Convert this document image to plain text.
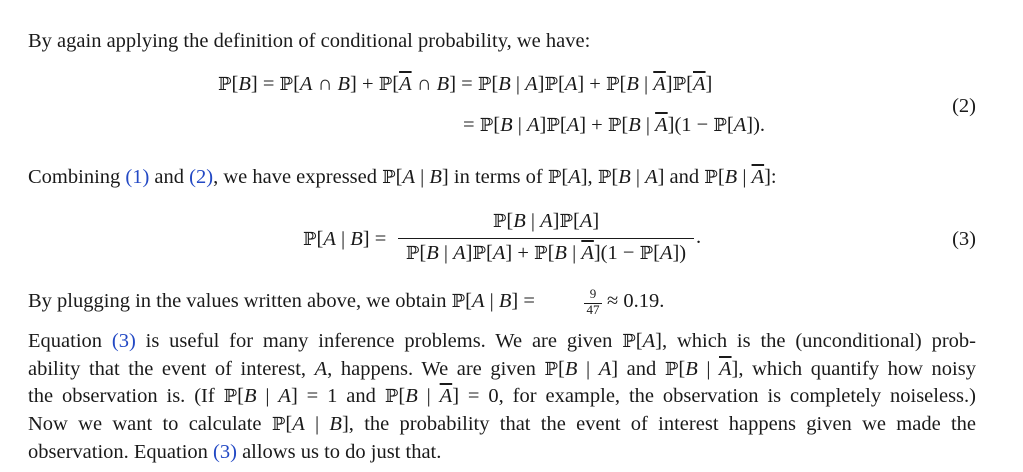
By again applying the definition of conditional probability, we have:
ℙ[B] = ℙ[A ∩ $B] + ℙ[\overline{A}$ ∩ B] = ℙ[B | A]ℙ[A] + ℙ[B | $\overline{A}]ℙ[\overline{A}]$
= ℙ[B | A]ℙ[A] + ℙ[B | $\overline{A}](1$ − ℙ[A]).
(2)
Combining (1) and (2), we have expressed ℙ[A | B] in terms of ℙ[A], ℙ[B | A] and ℙ[B | $\overline{A}$]:
ℙ[A | B] =
ℙ[B | A]ℙ[A]
ℙ[B | A]ℙ[A] + ℙ[B | $\overline{A}](1$ − ℙ[A])
.	(3)
By plugging in the values written above, we obtain ℙ[A | B] =	9
47 ≈ 0.19.
Equation (3) is useful for many inference problems. We are given ℙ[A], which is the (unconditional) prob-
ability that the event of interest, A, happens. We are given ℙ[B | A] and ℙ[B | $\overline{A}$], which quantify how noisy
the observation is. (If ℙ[B | A] = 1 and ℙ[B | $\overline{A}] = 0$, for example, the observation is completely noiseless.)
Now we want to calculate ℙ[A | B], the probability that the event of interest happens given we made the
observation. Equation (3) allows us to do just that.
